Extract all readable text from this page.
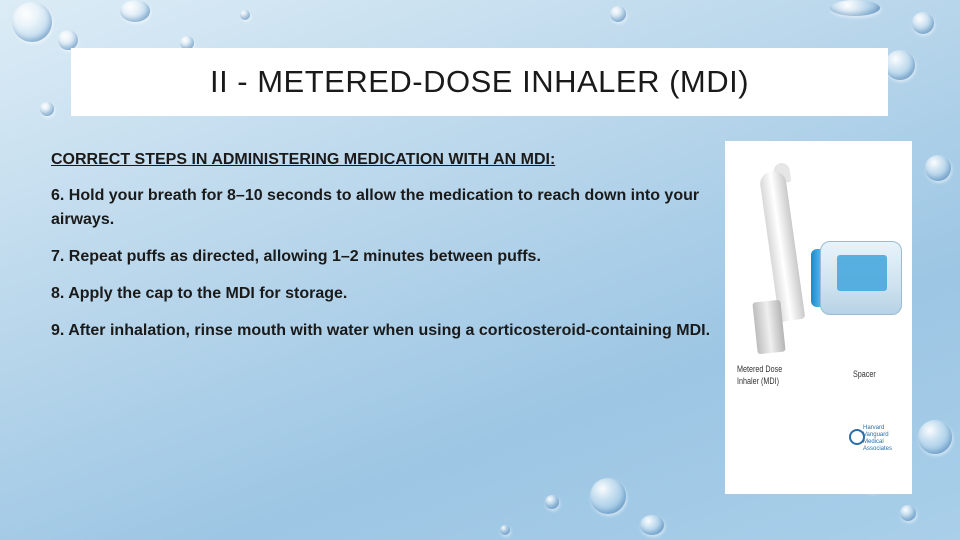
II - METERED-DOSE INHALER (MDI)

CORRECT STEPS IN ADMINISTERING MEDICATION WITH AN MDI:

6. Hold your breath for 8–10 seconds to allow the medication to reach down into your airways.

7. Repeat puffs as directed, allowing 1–2 minutes between puffs.

8. Apply the cap to the MDI for storage.

9. After inhalation, rinse mouth with water when using a corticosteroid-containing MDI.

Metered Dose Inhaler (MDI)
Spacer
Harvard Vanguard Medical Associates
